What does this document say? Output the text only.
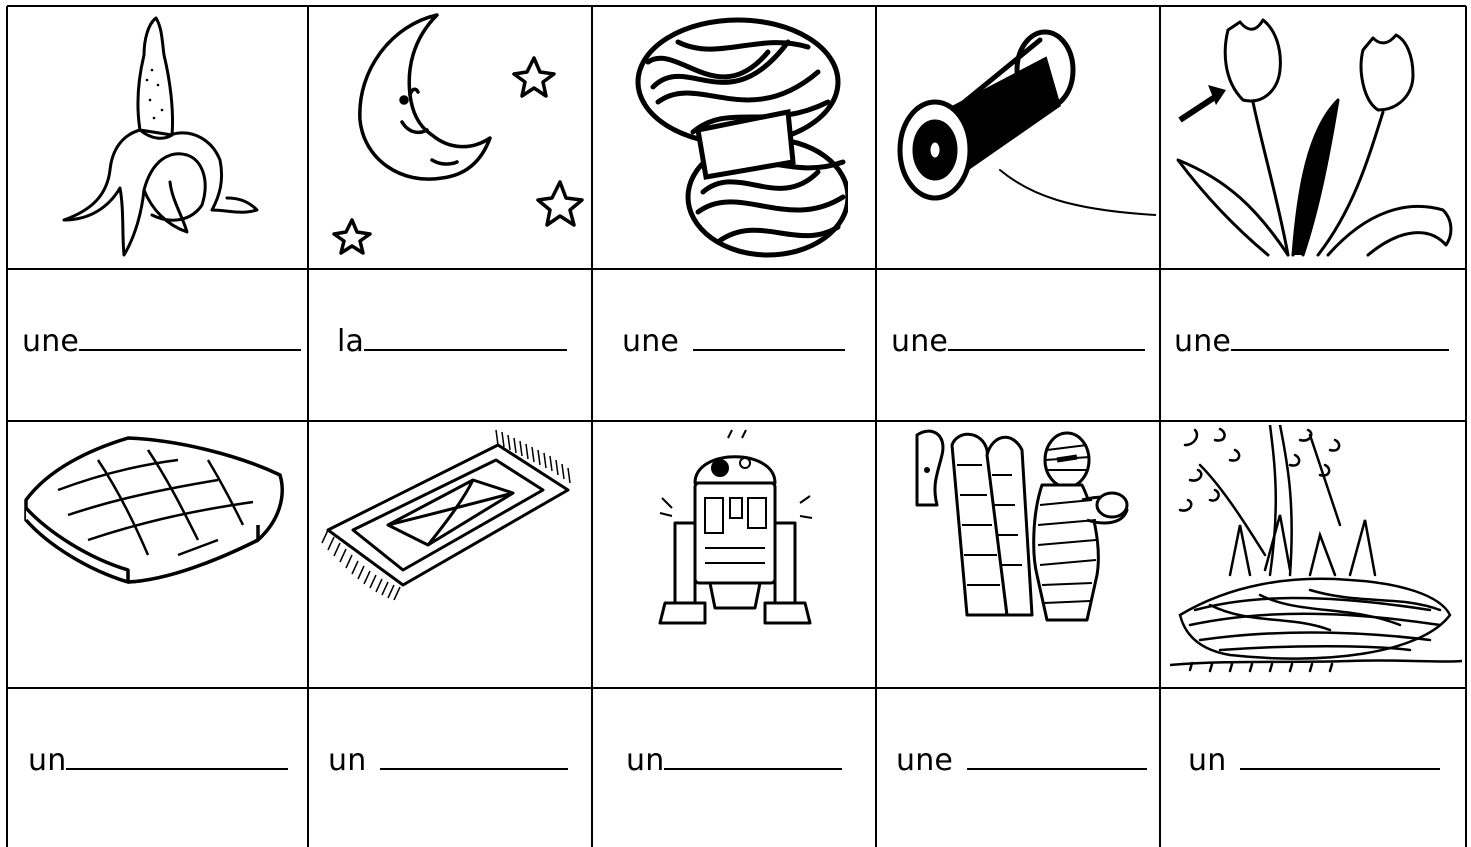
une	la	une	une	une
un	un	un	une	un
